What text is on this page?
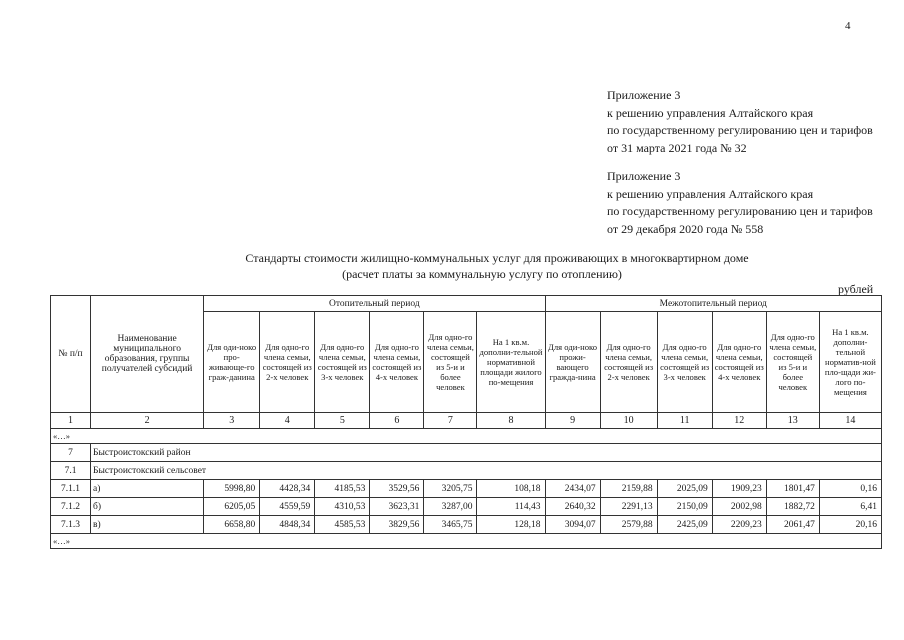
4
Приложение 3
к решению управления Алтайского края
по государственному регулированию цен и тарифов
от 31 марта 2021 года № 32
Приложение 3
к решению управления Алтайского края
по государственному регулированию цен и тарифов
от 29 декабря 2020 года № 558
Стандарты стоимости жилищно-коммунальных услуг для проживающих в многоквартирном доме
(расчет платы за коммунальную услугу по отоплению)
рублей
№ п/п	Наименование муниципального образования, группы получателей субсидий	Отопительный период						Межотопительный период					
		Для оди-ноко про-живающе-го граж-данина	Для одно-го члена семьи, состоящей из 2-х человек	Для одно-го члена семьи, состоящей из 3-х человек	Для одно-го члена семьи, состоящей из 4-х человек	Для одно-го члена семьи, состоящей из 5-и и более человек	На 1 кв.м. дополни-тельной нормативной площади жилого по-мещения	Для оди-ноко прожи-вающего гражда-нина	Для одно-го члена семьи, состоящей из 2-х человек	Для одно-го члена семьи, состоящей из 3-х человек	Для одно-го члена семьи, состоящей из 4-х человек	Для одно-го члена семьи, состоящей из 5-и и более человек	На 1 кв.м. дополни-тельной норматив-ной пло-щади жи-лого по-мещения
1	2	3	4	5	6	7	8	9	10	11	12	13	14
«…»													
7	Быстроистокский район												
7.1	Быстроистокский сельсовет												
7.1.1	а)	5998,80	4428,34	4185,53	3529,56	3205,75	108,18	2434,07	2159,88	2025,09	1909,23	1801,47	0,16
7.1.2	б)	6205,05	4559,59	4310,53	3623,31	3287,00	114,43	2640,32	2291,13	2150,09	2002,98	1882,72	6,41
7.1.3	в)	6658,80	4848,34	4585,53	3829,56	3465,75	128,18	3094,07	2579,88	2425,09	2209,23	2061,47	20,16
«…»													
